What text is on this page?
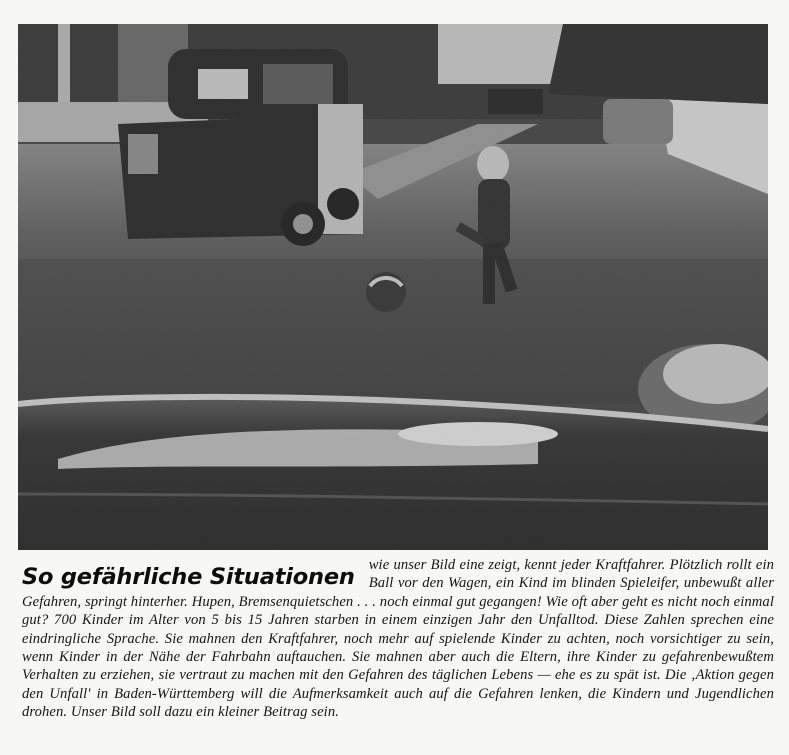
So gefährliche Situationen wie unser Bild eine zeigt, kennt jeder Kraftfahrer. Plötzlich rollt ein Ball vor den Wagen, ein Kind im blinden Spieleifer, unbewußt aller Gefahren, springt hinterher. Hupen, Bremsenquietschen . . . noch einmal gut gegangen! Wie oft aber geht es nicht noch einmal gut? 700 Kinder im Alter von 5 bis 15 Jahren starben in einem einzigen Jahr den Unfalltod. Diese Zahlen sprechen eine eindringliche Sprache. Sie mahnen den Kraftfahrer, noch mehr auf spielende Kinder zu achten, noch vorsichtiger zu sein, wenn Kinder in der Nähe der Fahrbahn auftauchen. Sie mahnen aber auch die Eltern, ihre Kinder zu gefahrenbewußtem Verhalten zu erziehen, sie vertraut zu machen mit den Gefahren des täglichen Lebens — ehe es zu spät ist. Die ‚Aktion gegen den Unfall' in Baden-Württemberg will die Aufmerksamkeit auch auf die Gefahren lenken, die Kindern und Jugendlichen drohen. Unser Bild soll dazu ein kleiner Beitrag sein.
